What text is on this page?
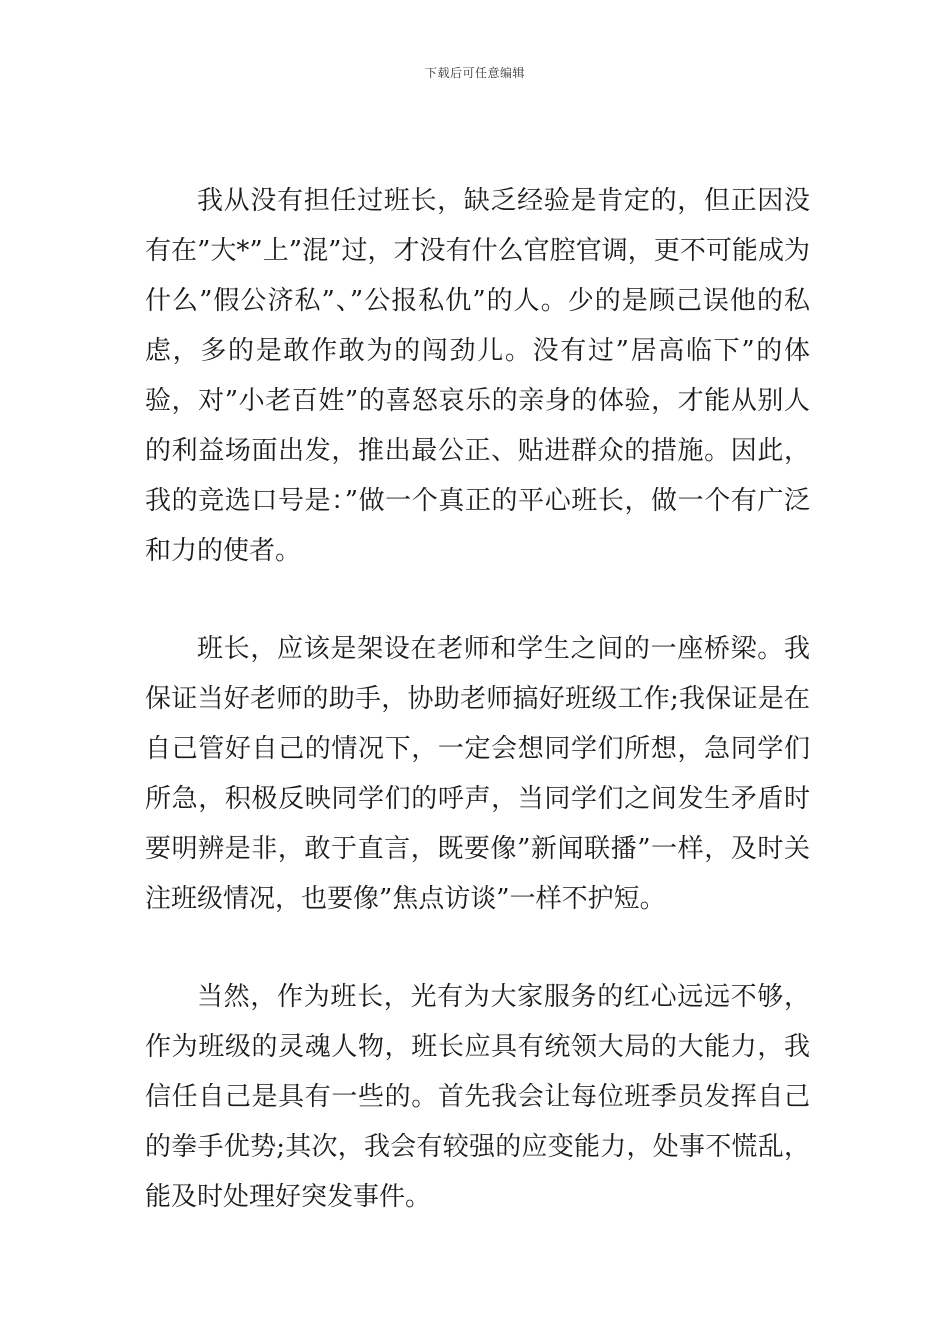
下载后可任意编辑

我从没有担任过班长，缺乏经验是肯定的，但正因没有在”大*”上”混”过，才没有什么官腔官调，更不可能成为什么”假公济私”、”公报私仇”的人。少的是顾己误他的私虑，多的是敢作敢为的闯劲儿。没有过”居高临下”的体验，对”小老百姓”的喜怒哀乐的亲身的体验，才能从别人的利益场面出发，推出最公正、贴进群众的措施。因此，我的竞选口号是：”做一个真正的平心班长，做一个有广泛和力的使者。

班长，应该是架设在老师和学生之间的一座桥梁。我保证当好老师的助手，协助老师搞好班级工作;我保证是在自己管好自己的情况下，一定会想同学们所想，急同学们所急，积极反映同学们的呼声，当同学们之间发生矛盾时要明辨是非，敢于直言，既要像”新闻联播”一样，及时关注班级情况，也要像”焦点访谈”一样不护短。

当然，作为班长，光有为大家服务的红心远远不够，作为班级的灵魂人物，班长应具有统领大局的大能力，我信任自己是具有一些的。首先我会让每位班季员发挥自己的拳手优势;其次，我会有较强的应变能力，处事不慌乱，能及时处理好突发事件。
